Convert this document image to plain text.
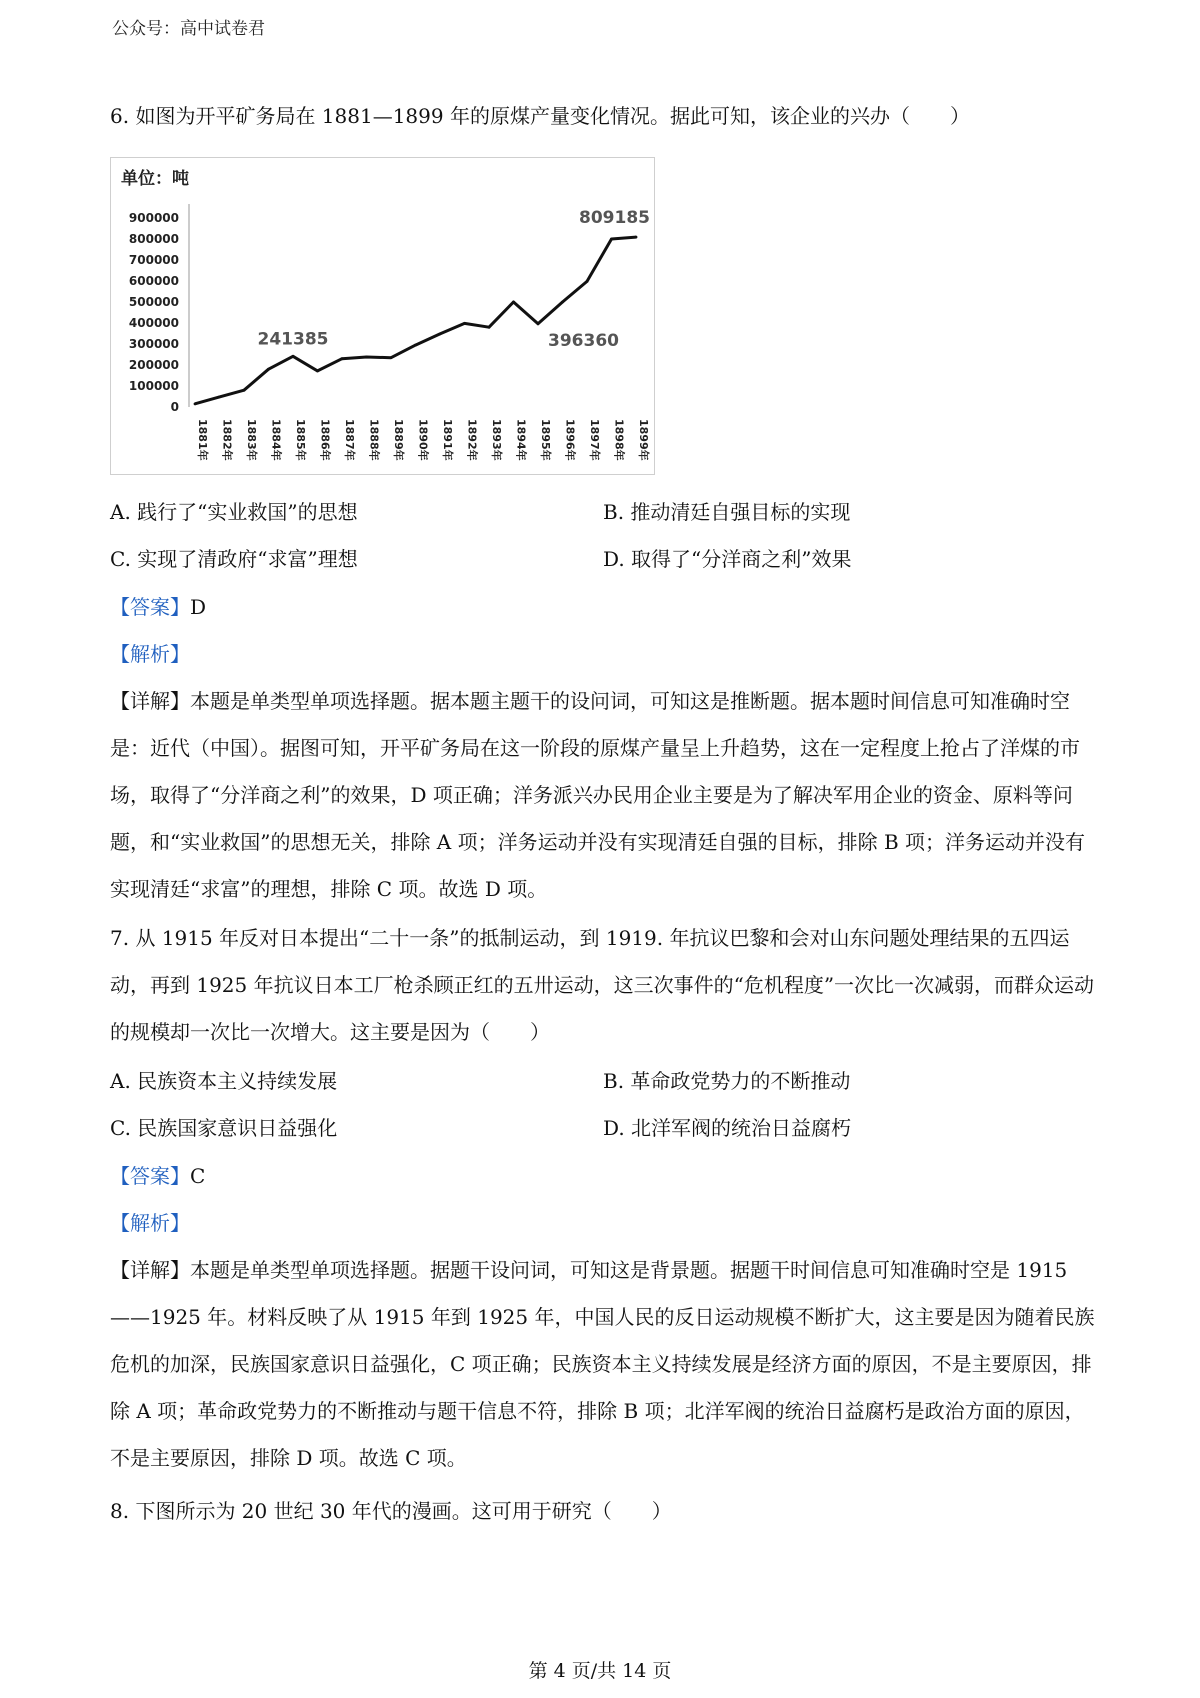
公众号：高中试卷君
6. 如图为开平矿务局在 1881—1899 年的原煤产量变化情况。据此可知，该企业的兴办（　　）
单位：吨
900000
800000
700000
600000
500000
400000
300000
200000
100000
0
1881年 1882年 1883年 1884年 1885年 1886年 1887年 1888年 1889年 1890年 1891年 1892年 1893年 1894年 1895年 1896年 1897年 1898年 1899年
241385	396360
809185
A. 践行了“实业救国”的思想	B. 推动清廷自强目标的实现
C. 实现了清政府“求富”理想	D. 取得了“分洋商之利”效果
【答案】D
【解析】
【详解】本题是单类型单项选择题。据本题主题干的设问词，可知这是推断题。据本题时间信息可知准确时空是：近代（中国）。据图可知，开平矿务局在这一阶段的原煤产量呈上升趋势，这在一定程度上抢占了洋煤的市场，取得了“分洋商之利”的效果，D 项正确；洋务派兴办民用企业主要是为了解决军用企业的资金、原料等问题，和“实业救国”的思想无关，排除 A 项；洋务运动并没有实现清廷自强的目标，排除 B 项；洋务运动并没有实现清廷“求富”的理想，排除 C 项。故选 D 项。
7. 从 1915 年反对日本提出“二十一条”的抵制运动，到 1919. 年抗议巴黎和会对山东问题处理结果的五四运动，再到 1925 年抗议日本工厂枪杀顾正红的五卅运动，这三次事件的“危机程度”一次比一次减弱，而群众运动的规模却一次比一次增大。这主要是因为（　　）
A. 民族资本主义持续发展	B. 革命政党势力的不断推动
C. 民族国家意识日益强化	D. 北洋军阀的统治日益腐朽
【答案】C
【解析】
【详解】本题是单类型单项选择题。据题干设问词，可知这是背景题。据题干时间信息可知准确时空是 1915——1925 年。材料反映了从 1915 年到 1925 年，中国人民的反日运动规模不断扩大，这主要是因为随着民族危机的加深，民族国家意识日益强化，C 项正确；民族资本主义持续发展是经济方面的原因，不是主要原因，排除 A 项；革命政党势力的不断推动与题干信息不符，排除 B 项；北洋军阀的统治日益腐朽是政治方面的原因，不是主要原因，排除 D 项。故选 C 项。
8. 下图所示为 20 世纪 30 年代的漫画。这可用于研究（　　）
第 4 页/共 14 页
